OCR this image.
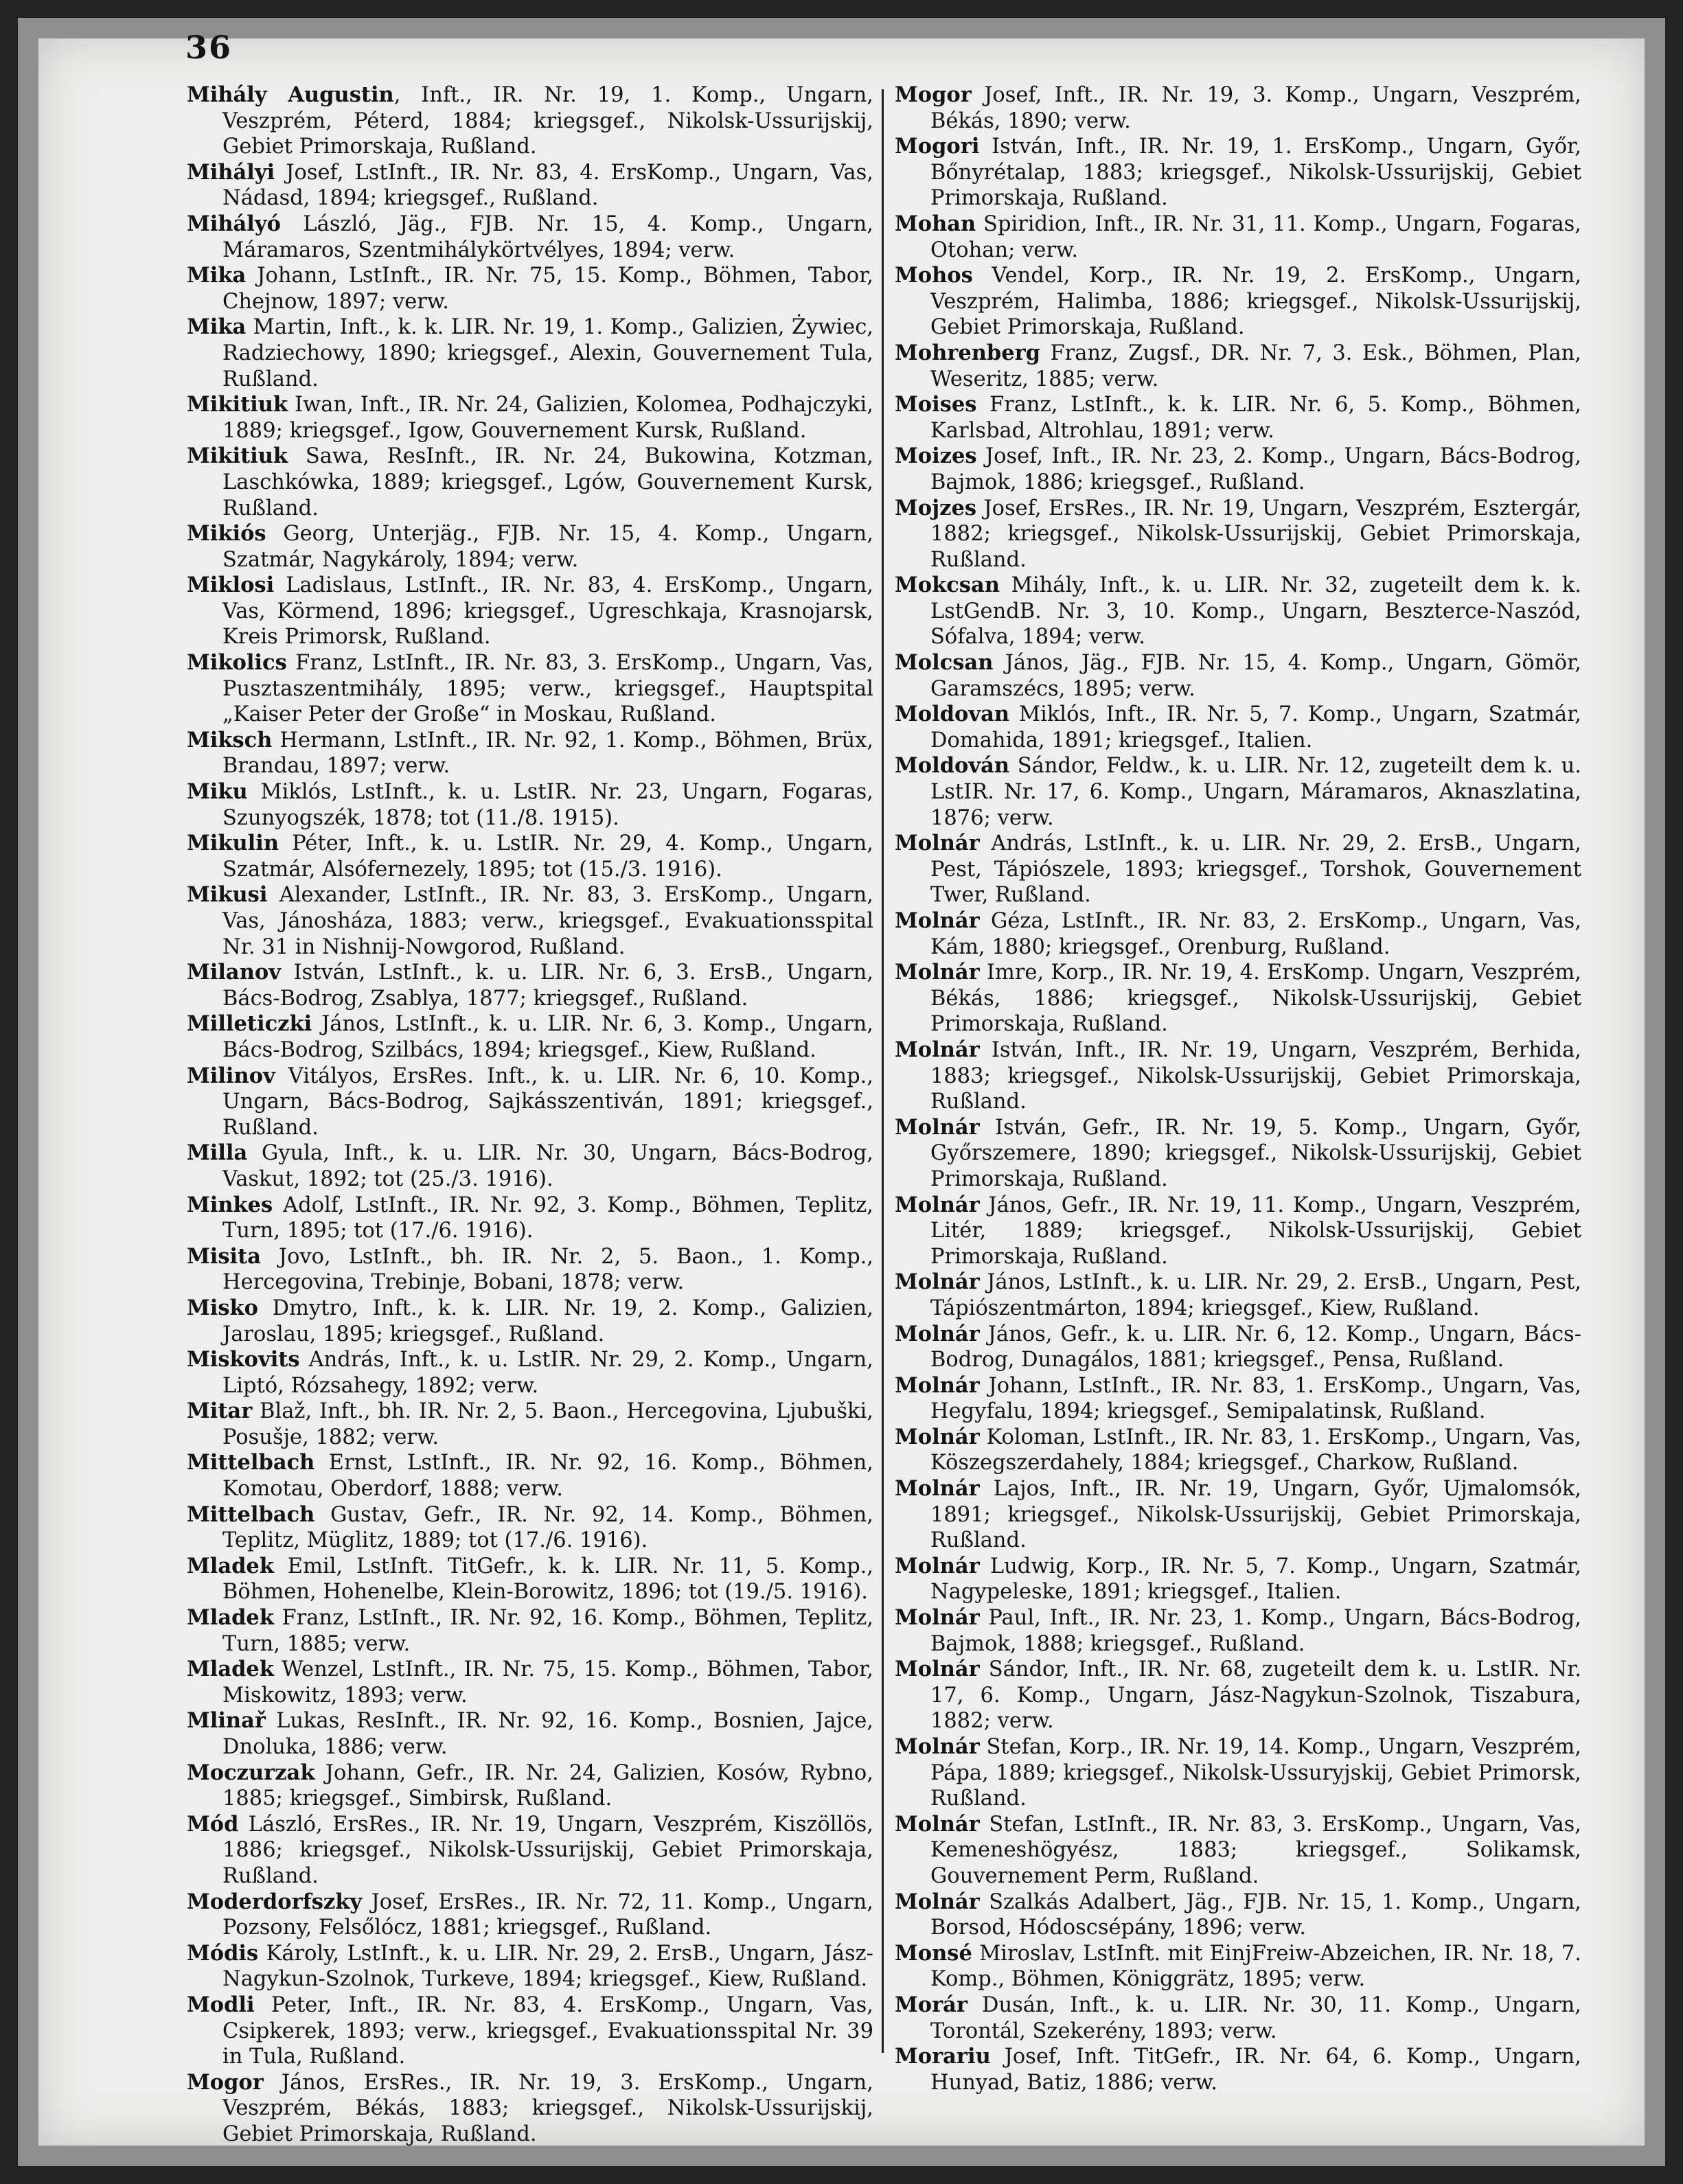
36

Mihály Augustin, Inft., IR. Nr. 19, 1. Komp., Ungarn, Veszprém, Péterd, 1884; kriegsgef., Nikolsk-Ussurijskij, Gebiet Primorskaja, Rußland.

Mihályi Josef, LstInft., IR. Nr. 83, 4. ErsKomp., Ungarn, Vas, Nádasd, 1894; kriegsgef., Rußland.

Mihályó László, Jäg., FJB. Nr. 15, 4. Komp., Ungarn, Máramaros, Szentmihálykörtvélyes, 1894; verw.

Mika Johann, LstInft., IR. Nr. 75, 15. Komp., Böhmen, Tabor, Chejnow, 1897; verw.

Mika Martin, Inft., k. k. LIR. Nr. 19, 1. Komp., Galizien, Żywiec, Radziechowy, 1890; kriegsgef., Alexin, Gouvernement Tula, Rußland.

Mikitiuk Iwan, Inft., IR. Nr. 24, Galizien, Kolomea, Podhajczyki, 1889; kriegsgef., Igow, Gouvernement Kursk, Rußland.

Mikitiuk Sawa, ResInft., IR. Nr. 24, Bukowina, Kotzman, Laschkówka, 1889; kriegsgef., Lgów, Gouvernement Kursk, Rußland.

Mikiós Georg, Unterjäg., FJB. Nr. 15, 4. Komp., Ungarn, Szatmár, Nagykároly, 1894; verw.

Miklosi Ladislaus, LstInft., IR. Nr. 83, 4. ErsKomp., Ungarn, Vas, Körmend, 1896; kriegsgef., Ugreschkaja, Krasnojarsk, Kreis Primorsk, Rußland.

Mikolics Franz, LstInft., IR. Nr. 83, 3. ErsKomp., Ungarn, Vas, Pusztaszentmihály, 1895; verw., kriegsgef., Hauptspital „Kaiser Peter der Große“ in Moskau, Rußland.

Miksch Hermann, LstInft., IR. Nr. 92, 1. Komp., Böhmen, Brüx, Brandau, 1897; verw.

Miku Miklós, LstInft., k. u. LstIR. Nr. 23, Ungarn, Fogaras, Szunyogszék, 1878; tot (11./8. 1915).

Mikulin Péter, Inft., k. u. LstIR. Nr. 29, 4. Komp., Ungarn, Szatmár, Alsófernezely, 1895; tot (15./3. 1916).

Mikusi Alexander, LstInft., IR. Nr. 83, 3. ErsKomp., Ungarn, Vas, Jánosháza, 1883; verw., kriegsgef., Evakuationsspital Nr. 31 in Nishnij-Nowgorod, Rußland.

Milanov István, LstInft., k. u. LIR. Nr. 6, 3. ErsB., Ungarn, Bács-Bodrog, Zsablya, 1877; kriegsgef., Rußland.

Milleticzki János, LstInft., k. u. LIR. Nr. 6, 3. Komp., Ungarn, Bács-Bodrog, Szilbács, 1894; kriegsgef., Kiew, Rußland.

Milinov Vitályos, ErsRes. Inft., k. u. LIR. Nr. 6, 10. Komp., Ungarn, Bács-Bodrog, Sajkásszentiván, 1891; kriegsgef., Rußland.

Milla Gyula, Inft., k. u. LIR. Nr. 30, Ungarn, Bács-Bodrog, Vaskut, 1892; tot (25./3. 1916).

Minkes Adolf, LstInft., IR. Nr. 92, 3. Komp., Böhmen, Teplitz, Turn, 1895; tot (17./6. 1916).

Misita Jovo, LstInft., bh. IR. Nr. 2, 5. Baon., 1. Komp., Hercegovina, Trebinje, Bobani, 1878; verw.

Misko Dmytro, Inft., k. k. LIR. Nr. 19, 2. Komp., Galizien, Jaroslau, 1895; kriegsgef., Rußland.

Miskovits András, Inft., k. u. LstIR. Nr. 29, 2. Komp., Ungarn, Liptó, Rózsahegy, 1892; verw.

Mitar Blaž, Inft., bh. IR. Nr. 2, 5. Baon., Hercegovina, Ljubuški, Posušje, 1882; verw.

Mittelbach Ernst, LstInft., IR. Nr. 92, 16. Komp., Böhmen, Komotau, Oberdorf, 1888; verw.

Mittelbach Gustav, Gefr., IR. Nr. 92, 14. Komp., Böhmen, Teplitz, Müglitz, 1889; tot (17./6. 1916).

Mladek Emil, LstInft. TitGefr., k. k. LIR. Nr. 11, 5. Komp., Böhmen, Hohenelbe, Klein-Borowitz, 1896; tot (19./5. 1916).

Mladek Franz, LstInft., IR. Nr. 92, 16. Komp., Böhmen, Teplitz, Turn, 1885; verw.

Mladek Wenzel, LstInft., IR. Nr. 75, 15. Komp., Böhmen, Tabor, Miskowitz, 1893; verw.

Mlinař Lukas, ResInft., IR. Nr. 92, 16. Komp., Bosnien, Jajce, Dnoluka, 1886; verw.

Moczurzak Johann, Gefr., IR. Nr. 24, Galizien, Kosów, Rybno, 1885; kriegsgef., Simbirsk, Rußland.

Mód László, ErsRes., IR. Nr. 19, Ungarn, Veszprém, Kiszöllös, 1886; kriegsgef., Nikolsk-Ussurijskij, Gebiet Primorskaja, Rußland.

Moderdorfszky Josef, ErsRes., IR. Nr. 72, 11. Komp., Ungarn, Pozsony, Felsőlócz, 1881; kriegsgef., Rußland.

Módis Károly, LstInft., k. u. LIR. Nr. 29, 2. ErsB., Ungarn, Jász-Nagykun-Szolnok, Turkeve, 1894; kriegsgef., Kiew, Rußland.

Modli Peter, Inft., IR. Nr. 83, 4. ErsKomp., Ungarn, Vas, Csipkerek, 1893; verw., kriegsgef., Evakuationsspital Nr. 39 in Tula, Rußland.

Mogor János, ErsRes., IR. Nr. 19, 3. ErsKomp., Ungarn, Veszprém, Békás, 1883; kriegsgef., Nikolsk-Ussurijskij, Gebiet Primorskaja, Rußland.

Mogor Josef, Inft., IR. Nr. 19, 3. Komp., Ungarn, Veszprém, Békás, 1890; verw.

Mogori István, Inft., IR. Nr. 19, 1. ErsKomp., Ungarn, Győr, Bőnyrétalap, 1883; kriegsgef., Nikolsk-Ussurijskij, Gebiet Primorskaja, Rußland.

Mohan Spiridion, Inft., IR. Nr. 31, 11. Komp., Ungarn, Fogaras, Otohan; verw.

Mohos Vendel, Korp., IR. Nr. 19, 2. ErsKomp., Ungarn, Veszprém, Halimba, 1886; kriegsgef., Nikolsk-Ussurijskij, Gebiet Primorskaja, Rußland.

Mohrenberg Franz, Zugsf., DR. Nr. 7, 3. Esk., Böhmen, Plan, Weseritz, 1885; verw.

Moises Franz, LstInft., k. k. LIR. Nr. 6, 5. Komp., Böhmen, Karlsbad, Altrohlau, 1891; verw.

Moizes Josef, Inft., IR. Nr. 23, 2. Komp., Ungarn, Bács-Bodrog, Bajmok, 1886; kriegsgef., Rußland.

Mojzes Josef, ErsRes., IR. Nr. 19, Ungarn, Veszprém, Esztergár, 1882; kriegsgef., Nikolsk-Ussurijskij, Gebiet Primorskaja, Rußland.

Mokcsan Mihály, Inft., k. u. LIR. Nr. 32, zugeteilt dem k. k. LstGendB. Nr. 3, 10. Komp., Ungarn, Beszterce-Naszód, Sófalva, 1894; verw.

Molcsan János, Jäg., FJB. Nr. 15, 4. Komp., Ungarn, Gömör, Garamszécs, 1895; verw.

Moldovan Miklós, Inft., IR. Nr. 5, 7. Komp., Ungarn, Szatmár, Domahida, 1891; kriegsgef., Italien.

Moldován Sándor, Feldw., k. u. LIR. Nr. 12, zugeteilt dem k. u. LstIR. Nr. 17, 6. Komp., Ungarn, Máramaros, Aknaszlatina, 1876; verw.

Molnár András, LstInft., k. u. LIR. Nr. 29, 2. ErsB., Ungarn, Pest, Tápiószele, 1893; kriegsgef., Torshok, Gouvernement Twer, Rußland.

Molnár Géza, LstInft., IR. Nr. 83, 2. ErsKomp., Ungarn, Vas, Kám, 1880; kriegsgef., Orenburg, Rußland.

Molnár Imre, Korp., IR. Nr. 19, 4. ErsKomp. Ungarn, Veszprém, Békás, 1886; kriegsgef., Nikolsk-Ussurijskij, Gebiet Primorskaja, Rußland.

Molnár István, Inft., IR. Nr. 19, Ungarn, Veszprém, Berhida, 1883; kriegsgef., Nikolsk-Ussurijskij, Gebiet Primorskaja, Rußland.

Molnár István, Gefr., IR. Nr. 19, 5. Komp., Ungarn, Győr, Győrszemere, 1890; kriegsgef., Nikolsk-Ussurijskij, Gebiet Primorskaja, Rußland.

Molnár János, Gefr., IR. Nr. 19, 11. Komp., Ungarn, Veszprém, Litér, 1889; kriegsgef., Nikolsk-Ussurijskij, Gebiet Primorskaja, Rußland.

Molnár János, LstInft., k. u. LIR. Nr. 29, 2. ErsB., Ungarn, Pest, Tápiószentmárton, 1894; kriegsgef., Kiew, Rußland.

Molnár János, Gefr., k. u. LIR. Nr. 6, 12. Komp., Ungarn, Bács-Bodrog, Dunagálos, 1881; kriegsgef., Pensa, Rußland.

Molnár Johann, LstInft., IR. Nr. 83, 1. ErsKomp., Ungarn, Vas, Hegyfalu, 1894; kriegsgef., Semipalatinsk, Rußland.

Molnár Koloman, LstInft., IR. Nr. 83, 1. ErsKomp., Ungarn, Vas, Köszegszerdahely, 1884; kriegsgef., Charkow, Rußland.

Molnár Lajos, Inft., IR. Nr. 19, Ungarn, Győr, Ujmalomsók, 1891; kriegsgef., Nikolsk-Ussurijskij, Gebiet Primorskaja, Rußland.

Molnár Ludwig, Korp., IR. Nr. 5, 7. Komp., Ungarn, Szatmár, Nagypeleske, 1891; kriegsgef., Italien.

Molnár Paul, Inft., IR. Nr. 23, 1. Komp., Ungarn, Bács-Bodrog, Bajmok, 1888; kriegsgef., Rußland.

Molnár Sándor, Inft., IR. Nr. 68, zugeteilt dem k. u. LstIR. Nr. 17, 6. Komp., Ungarn, Jász-Nagykun-Szolnok, Tiszabura, 1882; verw.

Molnár Stefan, Korp., IR. Nr. 19, 14. Komp., Ungarn, Veszprém, Pápa, 1889; kriegsgef., Nikolsk-Ussuryjskij, Gebiet Primorsk, Rußland.

Molnár Stefan, LstInft., IR. Nr. 83, 3. ErsKomp., Ungarn, Vas, Kemeneshögyész, 1883; kriegsgef., Solikamsk, Gouvernement Perm, Rußland.

Molnár Szalkás Adalbert, Jäg., FJB. Nr. 15, 1. Komp., Ungarn, Borsod, Hódoscsépány, 1896; verw.

Monsé Miroslav, LstInft. mit EinjFreiw-Abzeichen, IR. Nr. 18, 7. Komp., Böhmen, Königgrätz, 1895; verw.

Morár Dusán, Inft., k. u. LIR. Nr. 30, 11. Komp., Ungarn, Torontál, Szekerény, 1893; verw.

Morariu Josef, Inft. TitGefr., IR. Nr. 64, 6. Komp., Ungarn, Hunyad, Batiz, 1886; verw.
